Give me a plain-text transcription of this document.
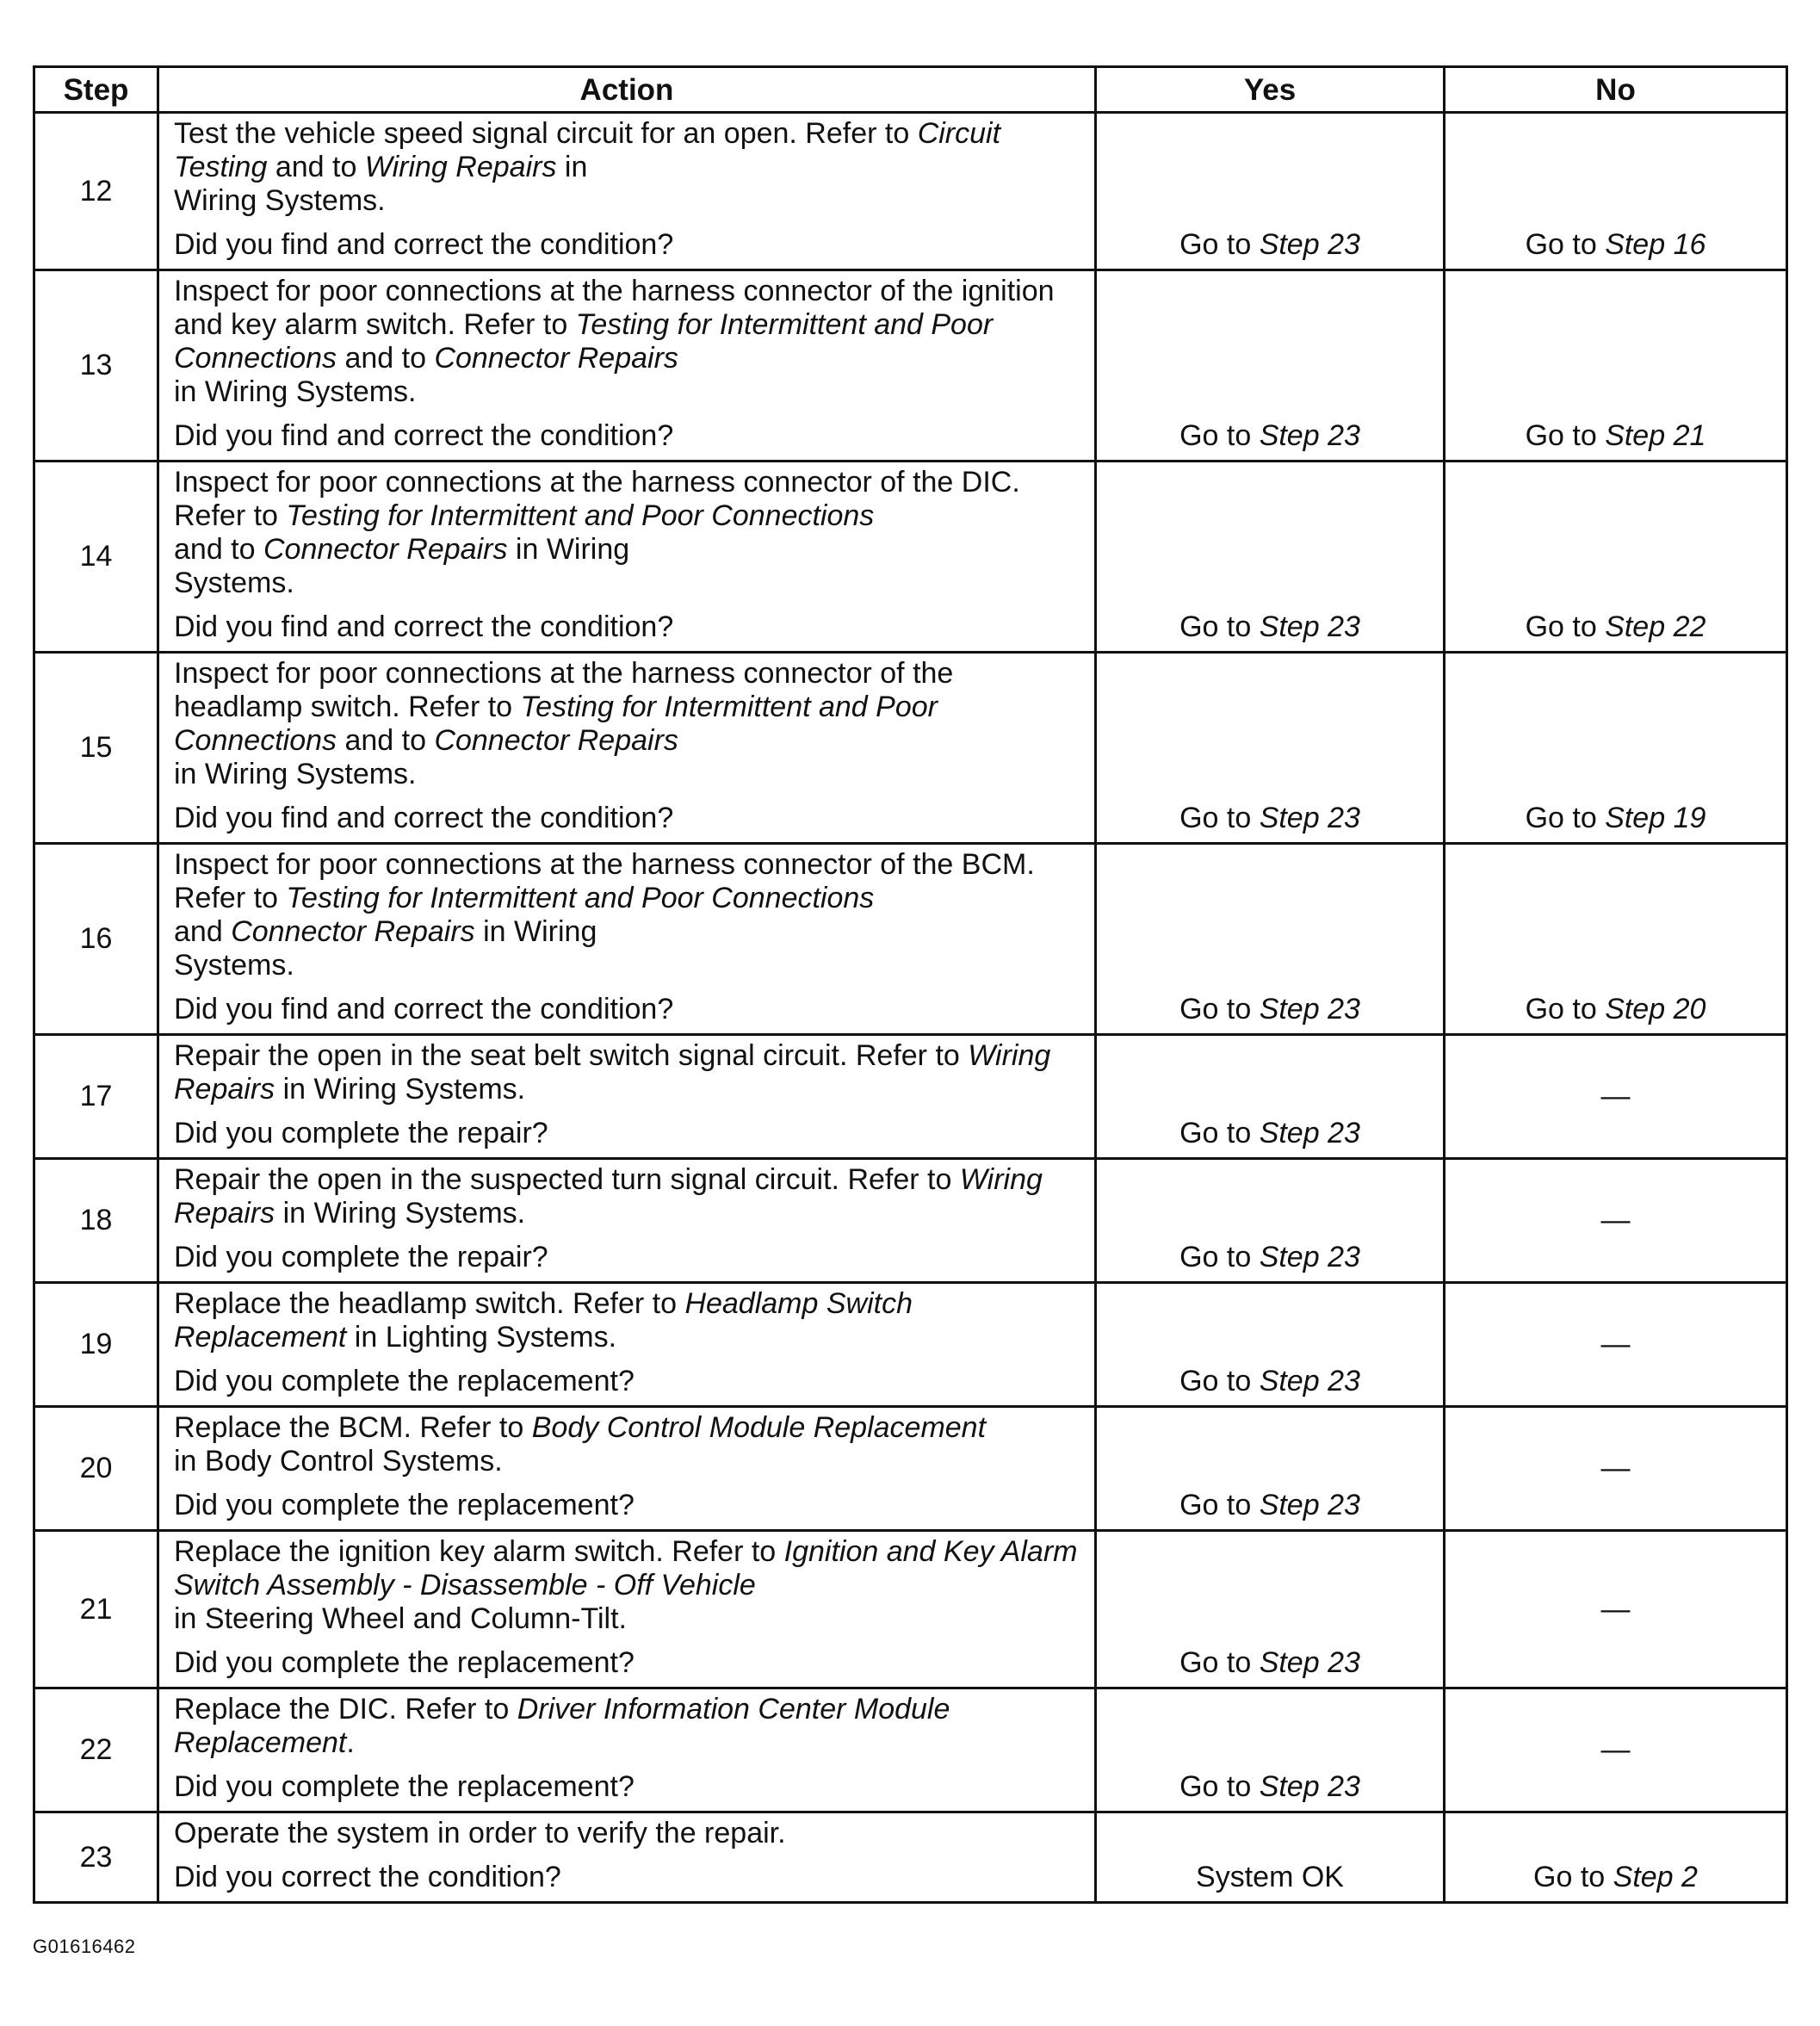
Step	Action	Yes	No
12	Test the vehicle speed signal circuit for an open. Refer to Circuit Testing and to Wiring Repairs in
Wiring Systems.
Did you find and correct the condition?	Go to Step 23	Go to Step 16
13	Inspect for poor connections at the harness connector of the ignition and key alarm switch. Refer to Testing for Intermittent and Poor Connections and to Connector Repairs
in Wiring Systems.
Did you find and correct the condition?	Go to Step 23	Go to Step 21
14	Inspect for poor connections at the harness connector of the DIC.
Refer to Testing for Intermittent and Poor Connections
and to Connector Repairs in Wiring
Systems.
Did you find and correct the condition?	Go to Step 23	Go to Step 22
15	Inspect for poor connections at the harness connector of the headlamp switch. Refer to Testing for Intermittent and Poor Connections and to Connector Repairs
in Wiring Systems.
Did you find and correct the condition?	Go to Step 23	Go to Step 19
16	Inspect for poor connections at the harness connector of the BCM. Refer to Testing for Intermittent and Poor Connections
and Connector Repairs in Wiring
Systems.
Did you find and correct the condition?	Go to Step 23	Go to Step 20
17	Repair the open in the seat belt switch signal circuit. Refer to Wiring Repairs in Wiring Systems.
Did you complete the repair?	Go to Step 23	—
18	Repair the open in the suspected turn signal circuit. Refer to Wiring Repairs in Wiring Systems.
Did you complete the repair?	Go to Step 23	—
19	Replace the headlamp switch. Refer to Headlamp Switch Replacement in Lighting Systems.
Did you complete the replacement?	Go to Step 23	—
20	Replace the BCM. Refer to Body Control Module Replacement
in Body Control Systems.
Did you complete the replacement?	Go to Step 23	—
21	Replace the ignition key alarm switch. Refer to Ignition and Key Alarm Switch Assembly - Disassemble - Off Vehicle
in Steering Wheel and Column-Tilt.
Did you complete the replacement?	Go to Step 23	—
22	Replace the DIC. Refer to Driver Information Center Module Replacement.
Did you complete the replacement?	Go to Step 23	—
23	Operate the system in order to verify the repair.
Did you correct the condition?	System OK	Go to Step 2
G01616462
